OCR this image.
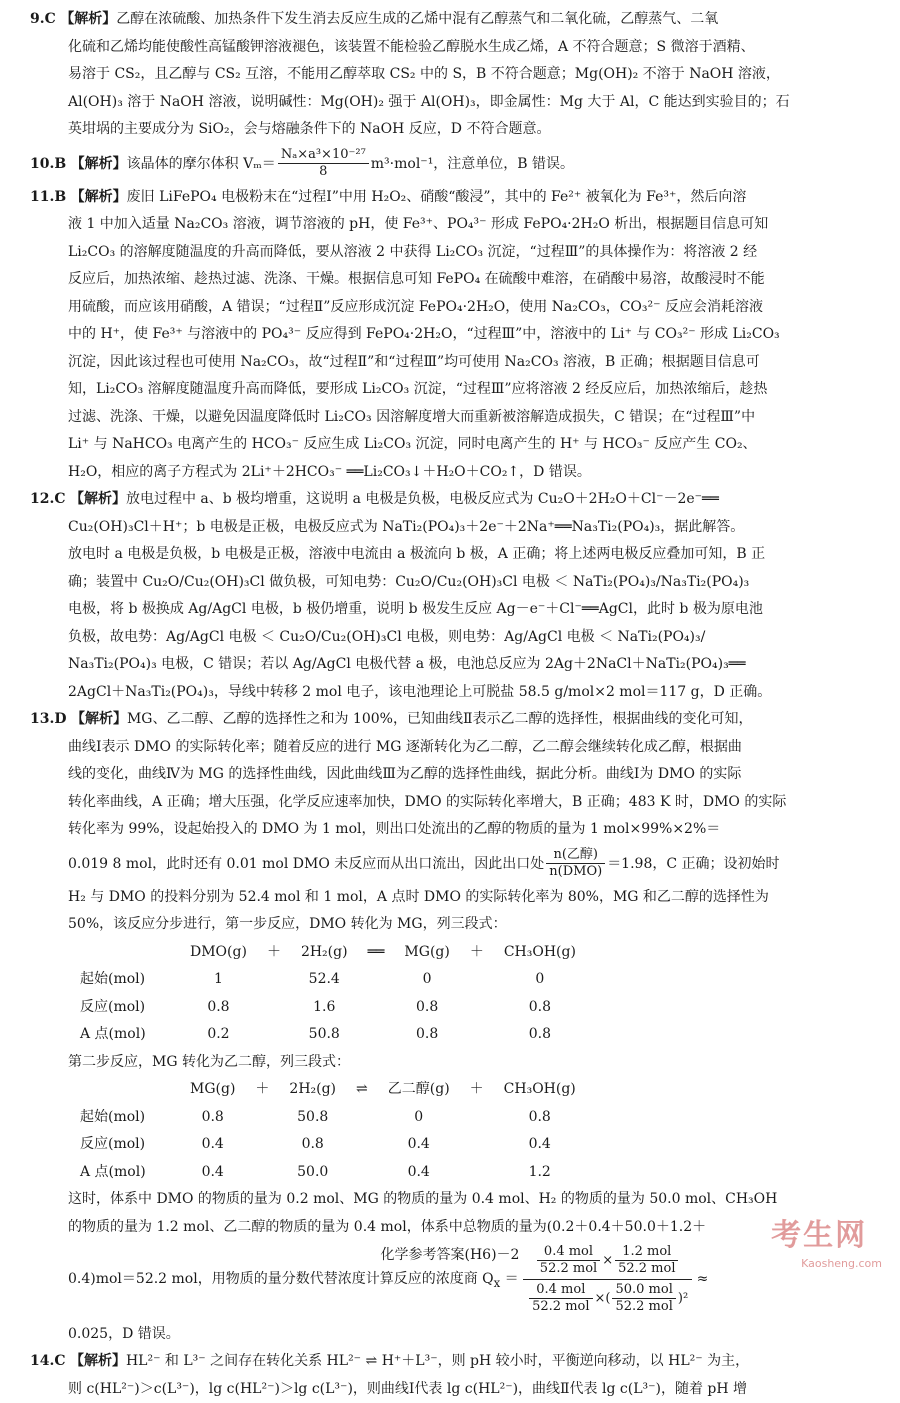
9.C 【解析】乙醇在浓硫酸、加热条件下发生消去反应生成的乙烯中混有乙醇蒸气和二氧化硫，乙醇蒸气、二氧
化硫和乙烯均能使酸性高锰酸钾溶液褪色，该装置不能检验乙醇脱水生成乙烯，A 不符合题意；S 微溶于酒精、
易溶于 CS₂，且乙醇与 CS₂ 互溶，不能用乙醇萃取 CS₂ 中的 S，B 不符合题意；Mg(OH)₂ 不溶于 NaOH 溶液，
Al(OH)₃ 溶于 NaOH 溶液，说明碱性：Mg(OH)₂ 强于 Al(OH)₃，即金属性：Mg 大于 Al，C 能达到实验目的；石
英坩埚的主要成分为 SiO₂，会与熔融条件下的 NaOH 反应，D 不符合题意。
10.B 【解析】该晶体的摩尔体积 $V_m= \frac{\text{Nₐ×a³×10⁻²⁷}}{8} m^3\cdot mol^{-1}$，注意单位，B 错误。
11.B 【解析】废旧 LiFePO₄ 电极粉末在“过程Ⅰ”中用 H₂O₂、硝酸“酸浸”，其中的 Fe²⁺ 被氧化为 Fe³⁺，然后向溶
液 1 中加入适量 Na₂CO₃ 溶液，调节溶液的 pH，使 Fe³⁺、PO₄³⁻ 形成 FePO₄·2H₂O 析出，根据题目信息可知
Li₂CO₃ 的溶解度随温度的升高而降低，要从溶液 2 中获得 Li₂CO₃ 沉淀，“过程Ⅲ”的具体操作为：将溶液 2 经
反应后，加热浓缩、趁热过滤、洗涤、干燥。根据信息可知 FePO₄ 在硫酸中难溶，在硝酸中易溶，故酸浸时不能
用硫酸，而应该用硝酸，A 错误；“过程Ⅱ”反应形成沉淀 FePO₄·2H₂O，使用 Na₂CO₃，CO₃²⁻ 反应会消耗溶液
中的 H⁺，使 Fe³⁺ 与溶液中的 PO₄³⁻ 反应得到 FePO₄·2H₂O，“过程Ⅲ”中，溶液中的 Li⁺ 与 CO₃²⁻ 形成 Li₂CO₃
沉淀，因此该过程也可使用 Na₂CO₃，故“过程Ⅱ”和“过程Ⅲ”均可使用 Na₂CO₃ 溶液，B 正确；根据题目信息可
知，Li₂CO₃ 溶解度随温度升高而降低，要形成 Li₂CO₃ 沉淀，“过程Ⅲ”应将溶液 2 经反应后，加热浓缩后，趁热
过滤、洗涤、干燥，以避免因温度降低时 Li₂CO₃ 因溶解度增大而重新被溶解造成损失，C 错误；在“过程Ⅲ”中
Li⁺ 与 NaHCO₃ 电离产生的 HCO₃⁻ 反应生成 Li₂CO₃ 沉淀，同时电离产生的 H⁺ 与 HCO₃⁻ 反应产生 CO₂、
H₂O，相应的离子方程式为 2Li⁺＋2HCO₃⁻ ══Li₂CO₃↓＋H₂O＋CO₂↑，D 错误。
12.C 【解析】放电过程中 a、b 极均增重，这说明 a 电极是负极，电极反应式为 Cu₂O＋2H₂O＋Cl⁻－2e⁻══
Cu₂(OH)₃Cl＋H⁺；b 电极是正极，电极反应式为 NaTi₂(PO₄)₃＋2e⁻＋2Na⁺══Na₃Ti₂(PO₄)₃，据此解答。
放电时 a 电极是负极，b 电极是正极，溶液中电流由 a 极流向 b 极，A 正确；将上述两电极反应叠加可知，B 正
确；装置中 Cu₂O/Cu₂(OH)₃Cl 做负极，可知电势：Cu₂O/Cu₂(OH)₃Cl 电极 ＜ NaTi₂(PO₄)₃/Na₃Ti₂(PO₄)₃
电极，将 b 极换成 Ag/AgCl 电极，b 极仍增重，说明 b 极发生反应 Ag－e⁻＋Cl⁻══AgCl，此时 b 极为原电池
负极，故电势：Ag/AgCl 电极 ＜ Cu₂O/Cu₂(OH)₃Cl 电极，则电势：Ag/AgCl 电极 ＜ NaTi₂(PO₄)₃/
Na₃Ti₂(PO₄)₃ 电极，C 错误；若以 Ag/AgCl 电极代替 a 极，电池总反应为 2Ag＋2NaCl＋NaTi₂(PO₄)₃══
2AgCl＋Na₃Ti₂(PO₄)₃，导线中转移 2 mol 电子，该电池理论上可脱盐 58.5 g/mol×2 mol＝117 g，D 正确。
13.D 【解析】MG、乙二醇、乙醇的选择性之和为 100%，已知曲线Ⅱ表示乙二醇的选择性，根据曲线的变化可知，
曲线Ⅰ表示 DMO 的实际转化率；随着反应的进行 MG 逐渐转化为乙二醇，乙二醇会继续转化成乙醇，根据曲
线的变化，曲线Ⅳ为 MG 的选择性曲线，因此曲线Ⅲ为乙醇的选择性曲线，据此分析。曲线Ⅰ为 DMO 的实际
转化率曲线，A 正确；增大压强，化学反应速率加快，DMO 的实际转化率增大，B 正确；483 K 时，DMO 的实际
转化率为 99%，设起始投入的 DMO 为 1 mol，则出口处流出的乙醇的物质的量为 1 mol×99%×2%＝
0.019 8 mol，此时还有 0.01 mol DMO 未反应而从出口流出，因此出口处 $\frac{\text{n(乙醇)}}{\text{n(DMO)}} =1.98$，C 正确；设初始时
H₂ 与 DMO 的投料分别为 52.4 mol 和 1 mol，A 点时 DMO 的实际转化率为 80%，MG 和乙二醇的选择性为
50%，该反应分步进行，第一步反应，DMO 转化为 MG，列三段式：
	DMO(g)	＋	2H₂(g)	══	MG(g)	＋	CH₃OH(g)
起始(mol)	1		52.4		0		0
反应(mol)	0.8		1.6		0.8		0.8
A 点(mol)	0.2		50.8		0.8		0.8
第二步反应，MG 转化为乙二醇，列三段式：
	MG(g)	＋	2H₂(g)	⇌	乙二醇(g)	＋	CH₃OH(g)
起始(mol)	0.8		50.8		0		0.8
反应(mol)	0.4		0.8		0.4		0.4
A 点(mol)	0.4		50.0		0.4		1.2
这时，体系中 DMO 的物质的量为 0.2 mol、MG 的物质的量为 0.4 mol、H₂ 的物质的量为 50.0 mol、CH₃OH
的物质的量为 1.2 mol、乙二醇的物质的量为 0.4 mol，体系中总物质的量为(0.2＋0.4＋50.0＋1.2＋
0.4)mol＝52.2 mol，用物质的量分数代替浓度计算反应的浓度商 $Q_x = \frac{\frac{\text{0.4 mol}}{\text{52.2 mol}} \times \frac{\text{1.2 mol}}{\text{52.2 mol}}}{\frac{\text{0.4 mol}}{\text{52.2 mol}} \times( \frac{\text{50.0 mol}}{\text{52.2 mol}} )^2}$ ≈
0.025，D 错误。
14.C 【解析】HL²⁻ 和 L³⁻ 之间存在转化关系 HL²⁻ ⇌ H⁺＋L³⁻，则 pH 较小时，平衡逆向移动，以 HL²⁻ 为主，
则 c(HL²⁻)＞c(L³⁻)，lg c(HL²⁻)＞lg c(L³⁻)，则曲线Ⅰ代表 lg c(HL²⁻)，曲线Ⅱ代表 lg c(L³⁻)，随着 pH 增
化学参考答案(H6)－2
考生网
Kaosheng.com
